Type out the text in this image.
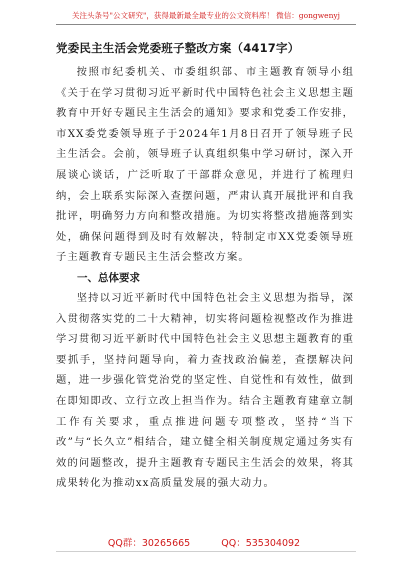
关注头条号"公文研究"，获得最新最全最专业的公文资料库！ 微信：gongwenyj
党委民主生活会党委班子整改方案（4417字）

按照市纪委机关、市委组织部、市主题教育领导小组《关于在学习贯彻习近平新时代中国特色社会主义思想主题教育中开好专题民主生活会的通知》要求和党委工作安排，市XX委党委领导班子于2024年1月8日召开了领导班子民主生活会。会前，领导班子认真组织集中学习研讨，深入开展谈心谈话，广泛听取了干部群众意见，并进行了梳理归纳，会上联系实际深入查摆问题，严肃认真开展批评和自我批评，明确努力方向和整改措施。为切实将整改措施落到实处，确保问题得到及时有效解决，特制定市XX党委领导班子主题教育专题民主生活会整改方案。

一、总体要求

坚持以习近平新时代中国特色社会主义思想为指导，深入贯彻落实党的二十大精神，切实将问题检视整改作为推进学习贯彻习近平新时代中国特色社会主义思想主题教育的重要抓手，坚持问题导向，着力查找政治偏差，查摆解决问题，进一步强化管党治党的坚定性、自觉性和有效性，做到在即知即改、立行立改上担当作为。结合主题教育建章立制工作有关要求，重点推进问题专项整改，坚持“当下改”与“长久立”相结合，建立健全相关制度规定通过务实有效的问题整改，提升主题教育专题民主生活会的效果，将其成果转化为推动xx高质量发展的强大动力。

QQ群：30265665	QQ：535304092
